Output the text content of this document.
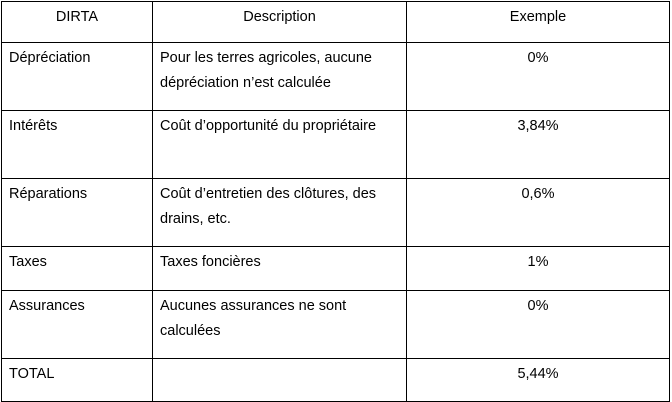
DIRTA	Description	Exemple
Dépréciation	Pour les terres agricoles, aucune dépréciation n’est calculée	0%
Intérêts	Coût d’opportunité du propriétaire	3,84%
Réparations	Coût d’entretien des clôtures, des drains, etc.	0,6%
Taxes	Taxes foncières	1%
Assurances	Aucunes assurances ne sont calculées	0%
TOTAL		5,44%
